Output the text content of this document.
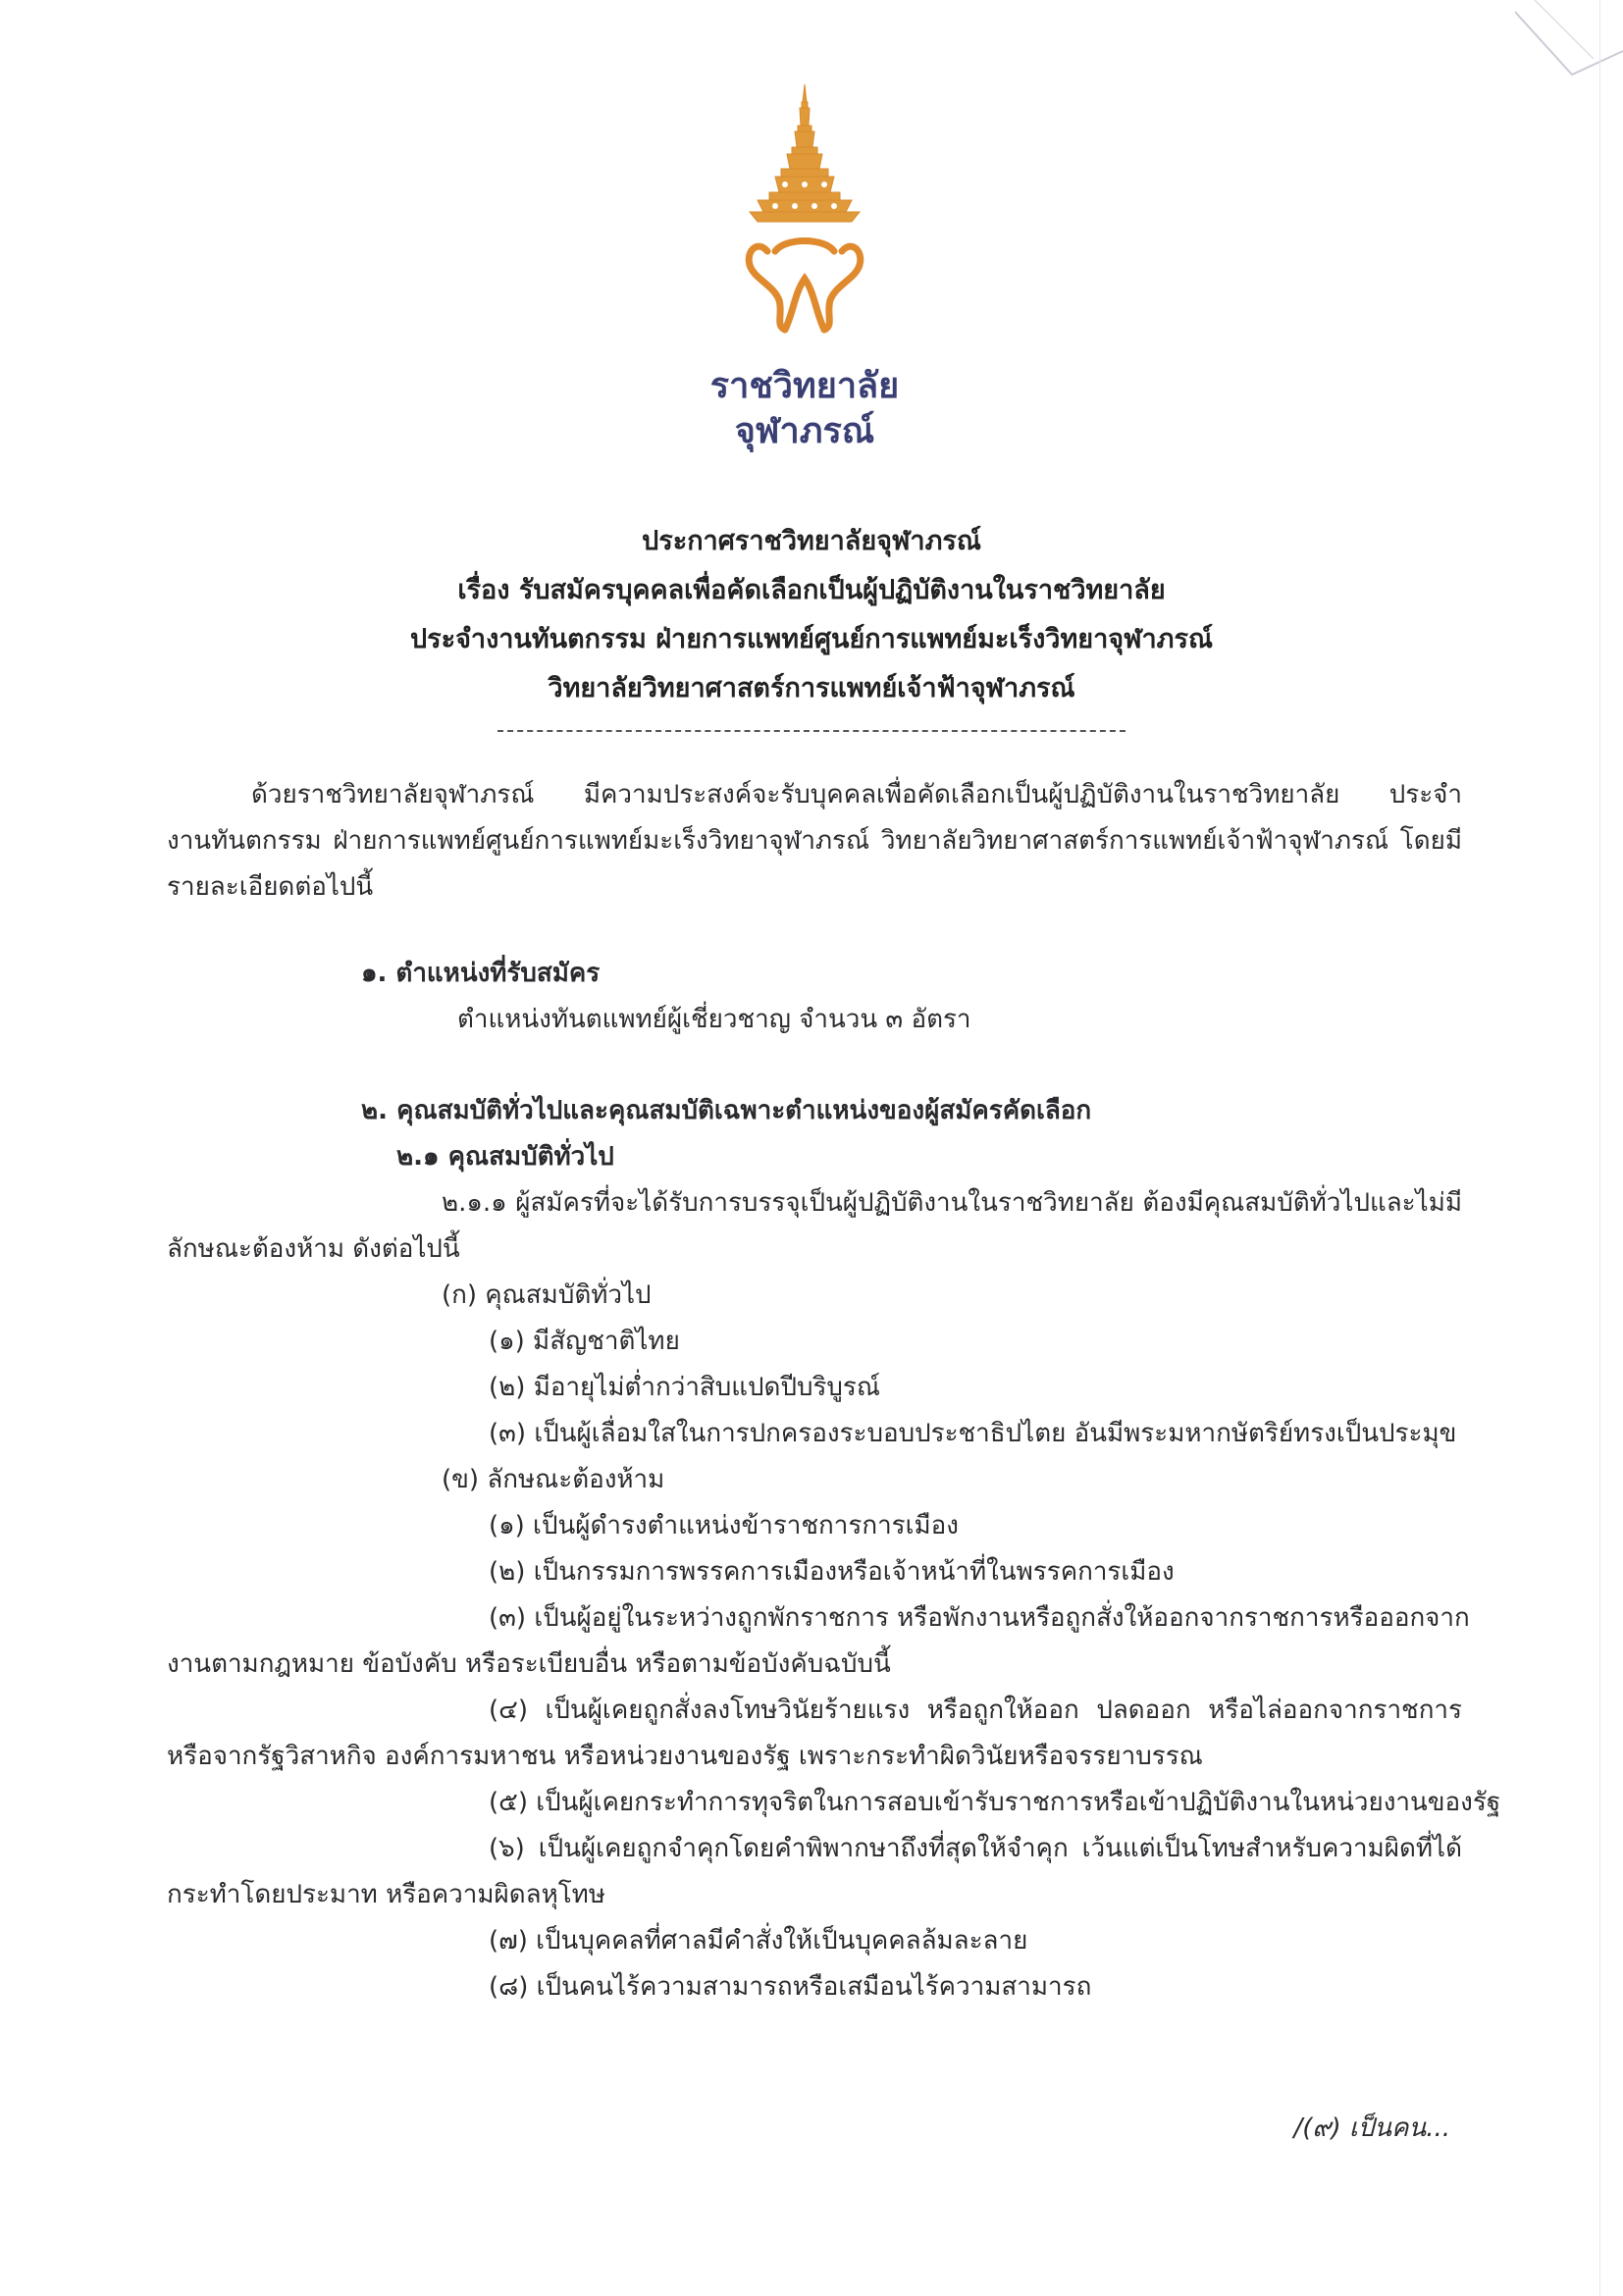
ราชวิทยาลัย
จุฬาภรณ์
ประกาศราชวิทยาลัยจุฬาภรณ์
เรื่อง รับสมัครบุคคลเพื่อคัดเลือกเป็นผู้ปฏิบัติงานในราชวิทยาลัย
ประจำงานทันตกรรม ฝ่ายการแพทย์ศูนย์การแพทย์มะเร็งวิทยาจุฬาภรณ์
วิทยาลัยวิทยาศาสตร์การแพทย์เจ้าฟ้าจุฬาภรณ์
ด้วยราชวิทยาลัยจุฬาภรณ์ มีความประสงค์จะรับบุคคลเพื่อคัดเลือกเป็นผู้ปฏิบัติงานในราชวิทยาลัย ประจำ
งานทันตกรรม ฝ่ายการแพทย์ศูนย์การแพทย์มะเร็งวิทยาจุฬาภรณ์ วิทยาลัยวิทยาศาสตร์การแพทย์เจ้าฟ้าจุฬาภรณ์ โดยมี
รายละเอียดต่อไปนี้
๑. ตำแหน่งที่รับสมัคร
ตำแหน่งทันตแพทย์ผู้เชี่ยวชาญ จำนวน ๓ อัตรา
๒. คุณสมบัติทั่วไปและคุณสมบัติเฉพาะตำแหน่งของผู้สมัครคัดเลือก
๒.๑ คุณสมบัติทั่วไป
๒.๑.๑ ผู้สมัครที่จะได้รับการบรรจุเป็นผู้ปฏิบัติงานในราชวิทยาลัย ต้องมีคุณสมบัติทั่วไปและไม่มี
ลักษณะต้องห้าม ดังต่อไปนี้
(ก) คุณสมบัติทั่วไป
(๑) มีสัญชาติไทย
(๒) มีอายุไม่ต่ำกว่าสิบแปดปีบริบูรณ์
(๓) เป็นผู้เลื่อมใสในการปกครองระบอบประชาธิปไตย อันมีพระมหากษัตริย์ทรงเป็นประมุข
(ข) ลักษณะต้องห้าม
(๑) เป็นผู้ดำรงตำแหน่งข้าราชการการเมือง
(๒) เป็นกรรมการพรรคการเมืองหรือเจ้าหน้าที่ในพรรคการเมือง
(๓) เป็นผู้อยู่ในระหว่างถูกพักราชการ หรือพักงานหรือถูกสั่งให้ออกจากราชการหรือออกจาก
งานตามกฎหมาย ข้อบังคับ หรือระเบียบอื่น หรือตามข้อบังคับฉบับนี้
(๔) เป็นผู้เคยถูกสั่งลงโทษวินัยร้ายแรง หรือถูกให้ออก ปลดออก หรือไล่ออกจากราชการ
หรือจากรัฐวิสาหกิจ องค์การมหาชน หรือหน่วยงานของรัฐ เพราะกระทำผิดวินัยหรือจรรยาบรรณ
(๕) เป็นผู้เคยกระทำการทุจริตในการสอบเข้ารับราชการหรือเข้าปฏิบัติงานในหน่วยงานของรัฐ
(๖) เป็นผู้เคยถูกจำคุกโดยคำพิพากษาถึงที่สุดให้จำคุก เว้นแต่เป็นโทษสำหรับความผิดที่ได้
กระทำโดยประมาท หรือความผิดลหุโทษ
(๗) เป็นบุคคลที่ศาลมีคำสั่งให้เป็นบุคคลล้มละลาย
(๘) เป็นคนไร้ความสามารถหรือเสมือนไร้ความสามารถ
/(๙) เป็นคน...
